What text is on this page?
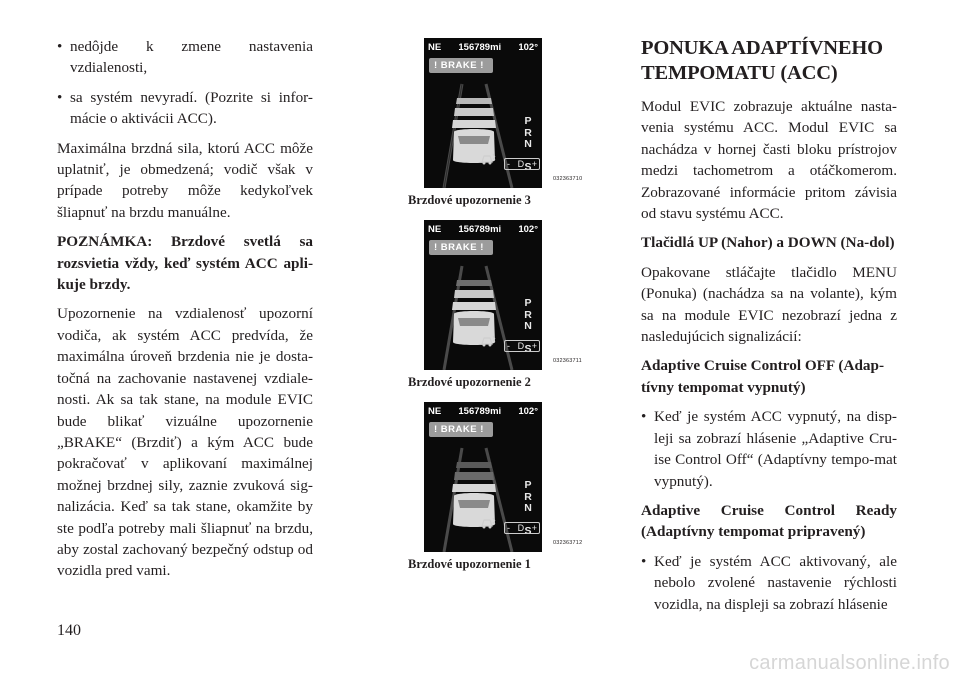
• nedôjde k zmene nastavenia vzdialenosti,
• sa systém nevyradí. (Pozrite si infor-mácie o aktivácii ACC).

Maximálna brzdná sila, ktorú ACC môže uplatniť, je obmedzená; vodič však v prípade potreby môže kedykoľvek šliapnuť na brzdu manuálne.

POZNÁMKA: Brzdové svetlá sa rozsvietia vždy, keď systém ACC apli-kuje brzdy.

Upozornenie na vzdialenosť upozorní vodiča, ak systém ACC predvída, že maximálna úroveň brzdenia nie je dosta-točná na zachovanie nastavenej vzdiale-nosti. Ak sa tak stane, na module EVIC bude blikať vizuálne upozornenie „BRAKE“ (Brzdiť) a kým ACC bude pokračovať v aplikovaní maximálnej možnej brzdnej sily, zaznie zvuková sig-nalizácia. Keď sa tak stane, okamžite by ste podľa potreby mali šliapnuť na brzdu, aby zostal zachovaný bezpečný odstup od vozidla pred vami.

NE 156789mi 102°
! BRAKE !
P
R
N
S
- D +
032363710
Brzdové upozornenie 3
NE 156789mi 102°
! BRAKE !
P
R
N
S
- D +
032363711
Brzdové upozornenie 2
NE 156789mi 102°
! BRAKE !
P
R
N
S
- D +
032363712
Brzdové upozornenie 1
PONUKA ADAPTÍVNEHO TEMPOMATU (ACC)

Modul EVIC zobrazuje aktuálne nasta-venia systému ACC. Modul EVIC sa nachádza v hornej časti bloku prístrojov medzi tachometrom a otáčkomerom. Zobrazované informácie pritom závisia od stavu systému ACC.

Tlačidlá UP (Nahor) a DOWN (Na-dol)

Opakovane stláčajte tlačidlo MENU (Ponuka) (nachádza sa na volante), kým sa na module EVIC nezobrazí jedna z nasledujúcich signalizácií:

Adaptive Cruise Control OFF (Adap-tívny tempomat vypnutý)

• Keď je systém ACC vypnutý, na disp-leji sa zobrazí hlásenie „Adaptive Cru-ise Control Off“ (Adaptívny tempo-mat vypnutý).

Adaptive Cruise Control Ready (Adaptívny tempomat pripravený)

• Keď je systém ACC aktivovaný, ale nebolo zvolené nastavenie rýchlosti vozidla, na displeji sa zobrazí hlásenie
140
carmanualsonline.info
